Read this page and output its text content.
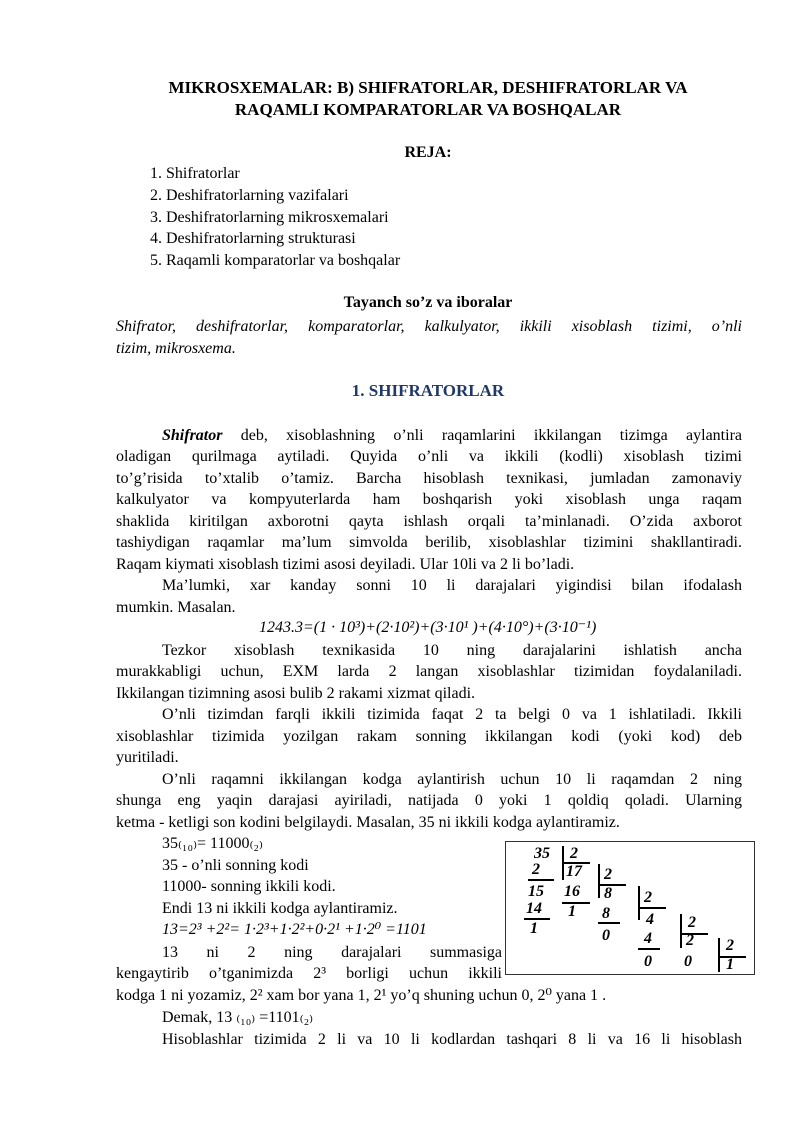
MIKROSXEMALAR: B) SHIFRATORLAR, DESHIFRATORLAR VA
RAQAMLI KOMPARATORLAR VA BOSHQALAR
REJA:
1. Shifratorlar
2. Deshifratorlarning vazifalari
3. Deshifratorlarning mikrosxemalari
4. Deshifratorlarning strukturasi
5. Raqamli komparatorlar va boshqalar
Tayanch so’z va iboralar
Shifrator, deshifratorlar, komparatorlar, kalkulyator, ikkili xisoblash tizimi, o’nli
tizim, mikrosxema.
1. SHIFRATORLAR
Shifrator deb, xisoblashning o’nli raqamlarini ikkilangan tizimga aylantira
oladigan qurilmaga aytiladi. Quyida o’nli va ikkili (kodli) xisoblash tizimi
to’g’risida to’xtalib o’tamiz. Barcha hisoblash texnikasi, jumladan zamonaviy
kalkulyator va kompyuterlarda ham boshqarish yoki xisoblash unga raqam
shaklida kiritilgan axborotni qayta ishlash orqali ta’minlanadi. O’zida axborot
tashiydigan raqamlar ma’lum simvolda berilib, xisoblashlar tizimini shakllantiradi.
Raqam kiymati xisoblash tizimi asosi deyiladi. Ular 10li va 2 li bo’ladi.
Ma’lumki, xar kanday sonni 10 li darajalari yigindisi bilan ifodalash
mumkin. Masalan.
1243.3=(1 · 10³)+(2·10²)+(3·10¹ )+(4·10°)+(3·10⁻¹)
Tezkor xisoblash texnikasida 10 ning darajalarini ishlatish ancha
murakkabligi uchun, EXM larda 2 langan xisoblashlar tizimidan foydalaniladi.
Ikkilangan tizimning asosi bulib 2 rakami xizmat qiladi.
O’nli tizimdan farqli ikkili tizimida faqat 2 ta belgi 0 va 1 ishlatiladi. Ikkili
xisoblashlar tizimida yozilgan rakam sonning ikkilangan kodi (yoki kod) deb
yuritiladi.
O’nli raqamni ikkilangan kodga aylantirish uchun 10 li raqamdan 2 ning
shunga eng yaqin darajasi ayiriladi, natijada 0 yoki 1 qoldiq qoladi. Ularning
ketma - ketligi son kodini belgilaydi. Masalan, 35 ni ikkili kodga aylantiramiz.
35₍₁₀₎= 11000₍₂₎
35 - o’nli sonning kodi
11000- sonning ikkili kodi.
Endi 13 ni ikkili kodga aylantiramiz.
13=2³ +2²= 1·2³+1·2²+0·2¹ +1·2⁰ =1101
13 ni 2 ning darajalari summasiga
kengaytirib o’tganimizda 2³ borligi uchun ikkili
kodga 1 ni yozamiz, 2² xam bor yana 1, 2¹ yo’q shuning uchun 0, 2⁰ yana 1 .
Demak, 13 ₍₁₀₎ =1101₍₂₎
Hisoblashlar tizimida 2 li va 10 li kodlardan tashqari 8 li va 16 li hisoblash
35 2
2
15
14
1
17 2
16
1
8 2
8
0
4 2
4
0
2 2
0 1
